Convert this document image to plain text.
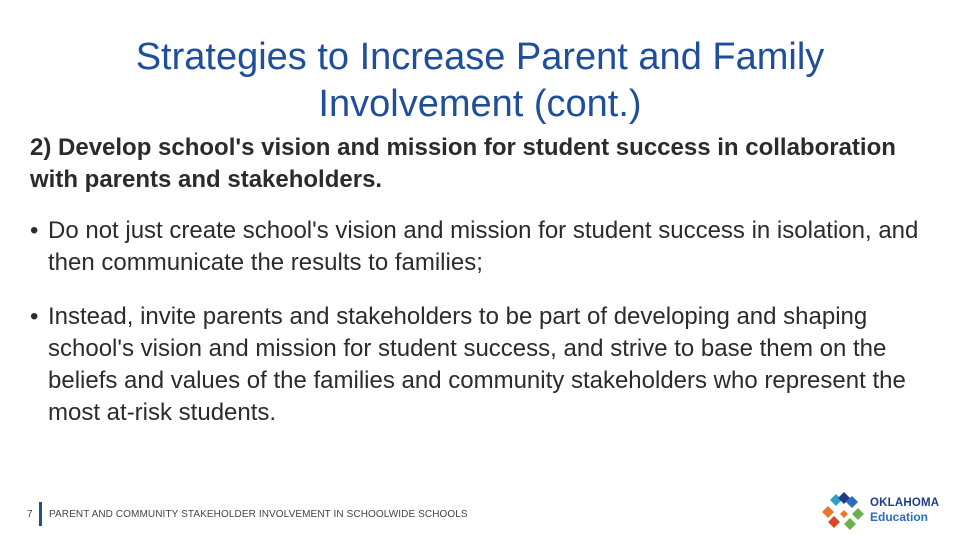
Strategies to Increase Parent and Family Involvement (cont.)

2) Develop school's vision and mission for student success in collaboration with parents and stakeholders.

• Do not just create school's vision and mission for student success in isolation, and then communicate the results to families;
• Instead, invite parents and stakeholders to be part of developing and shaping school's vision and mission for student success, and strive to base them on the beliefs and values of the families and community stakeholders who represent the most at-risk students.
7 PARENT AND COMMUNITY STAKEHOLDER INVOLVEMENT IN SCHOOLWIDE SCHOOLS
OKLAHOMA
Education
